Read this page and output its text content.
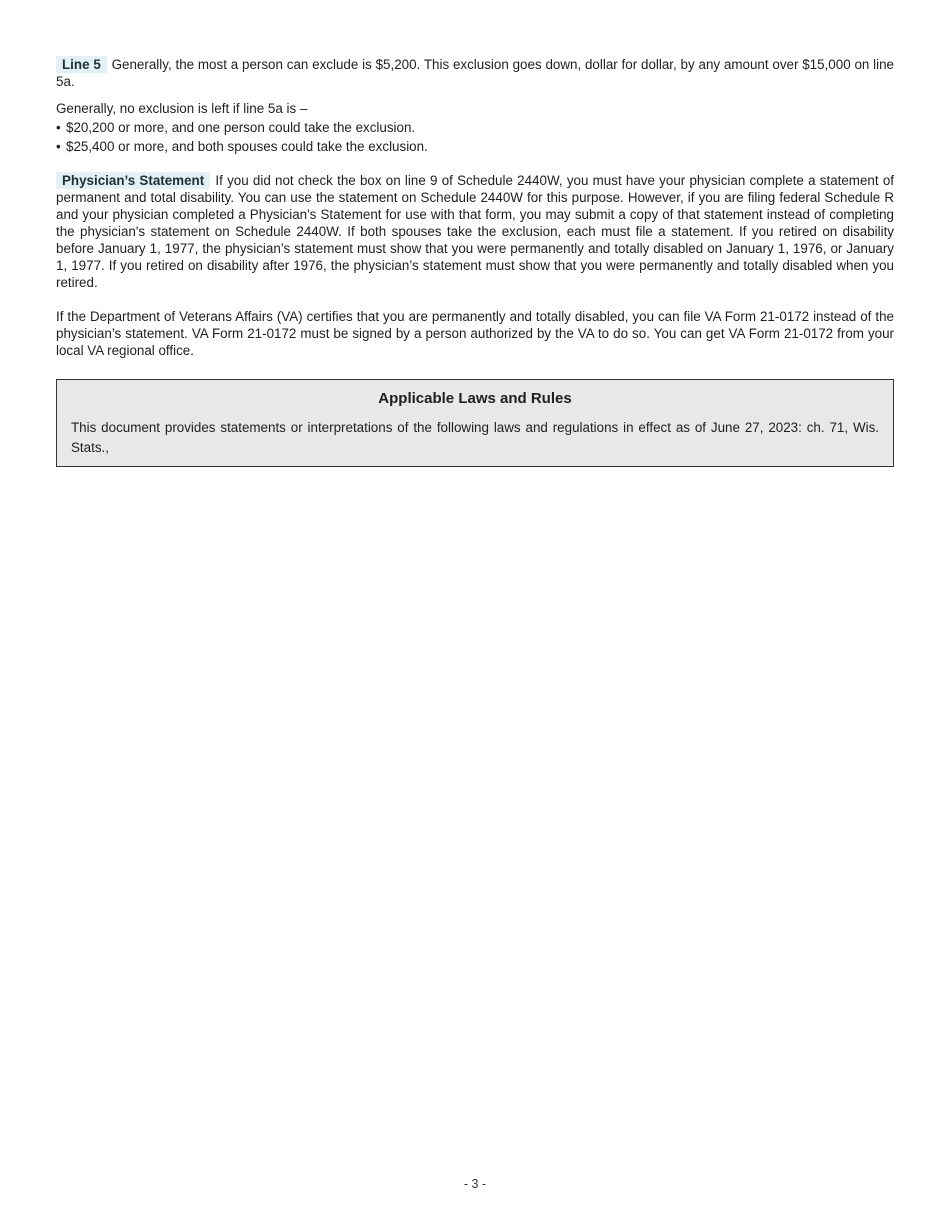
Line 5 Generally, the most a person can exclude is $5,200. This exclusion goes down, dollar for dollar, by any amount over $15,000 on line 5a.

Generally, no exclusion is left if line 5a is –

• $20,200 or more, and one person could take the exclusion.
• $25,400 or more, and both spouses could take the exclusion.

Physician’s Statement If you did not check the box on line 9 of Schedule 2440W, you must have your physician complete a statement of permanent and total disability. You can use the statement on Schedule 2440W for this purpose. However, if you are filing federal Schedule R and your physician completed a Physician's Statement for use with that form, you may submit a copy of that statement instead of completing the physician's statement on Schedule 2440W. If both spouses take the exclusion, each must file a statement. If you retired on disability before January 1, 1977, the physician’s statement must show that you were permanently and totally disabled on January 1, 1976, or January 1, 1977. If you retired on disability after 1976, the physician’s statement must show that you were permanently and totally disabled when you retired.

If the Department of Veterans Affairs (VA) certifies that you are permanently and totally disabled, you can file VA Form 21-0172 instead of the physician’s statement. VA Form 21-0172 must be signed by a person authorized by the VA to do so. You can get VA Form 21-0172 from your local VA regional office.

Applicable Laws and Rules
This document provides statements or interpretations of the following laws and regulations in effect as of June 27, 2023: ch. 71, Wis. Stats.,
- 3 -
